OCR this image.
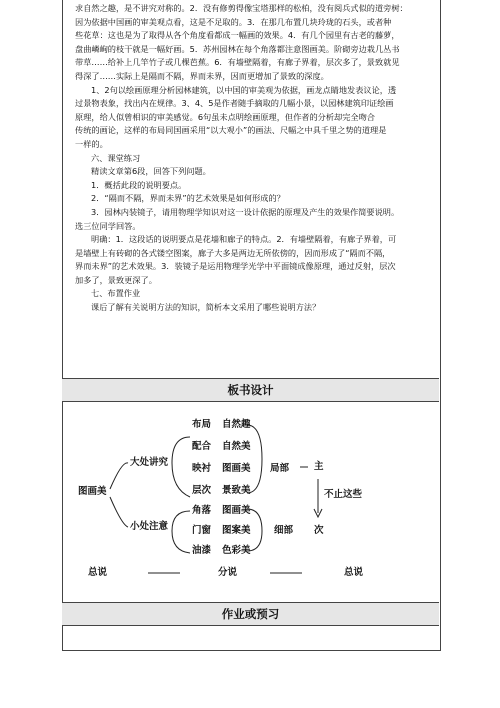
求自然之趣，是不讲究对称的。2．没有修剪得像宝塔那样的松柏，没有阅兵式似的道旁树：

因为依据中国画的审美观点看，这是不足取的。3．在那几布置几块玲珑的石头，或者种

些花草：这也是为了取得从各个角度看都成一幅画的效果。4．有几个园里有古老的藤萝，

盘曲嶙峋的枝干就是一幅好画。5．苏州园林在每个角落都注意图画美。阶砌旁边栽几丛书

带草……给补上几竿竹子或几棵芭蕉。6．有墙壁隔着，有廊子界着，层次多了，景致就见

得深了……实际上是隔而不隔，界而未界，因而更增加了景致的深度。

1、2句以绘画原理分析园林建筑，以中国的审美观为依据，画龙点睛地发表议论，透

过景物表象，找出内在规律。3、4、5是作者随手摘取的几幅小景，以园林建筑印证绘画

原理，给人似曾相识的审美感觉。6句虽未点明绘画原理，但作者的分析却完全吻合

传统的画论，这样的布局同国画采用“以大观小”的画法、尺幅之中具千里之势的道理是

一样的。

六、课堂练习

精读文章第6段，回答下列问题。

1．概括此段的说明要点。

2．“隔而不隔，界而未界”的艺术效果是如何形成的？

3．园林内装镜子，请用物理学知识对这一设计依据的原理及产生的效果作简要说明。

选三位同学回答。

明确：1．这段话的说明要点是花墙和廊子的特点。2．有墙壁隔着，有廊子界着，可

是墙壁上有砖砌的各式镂空图案，廊子大多是两边无所依傍的，因而形成了“隔而不隔，

界而未界”的艺术效果。3．装镜子是运用物理学光学中平面镜成像原理，通过反射，层次

加多了，景致更深了。

七、布置作业

课后了解有关说明方法的知识，简析本文采用了哪些说明方法？

板书设计
图画美
大处讲究
小处注意
布局
配合
映衬
层次
自然趣
自然美
图画美
景致美
角落
门窗
油漆
图画美
图案美
色彩美
局部
细部
主
不止这些
次
总说	分说	总说
作业或预习
